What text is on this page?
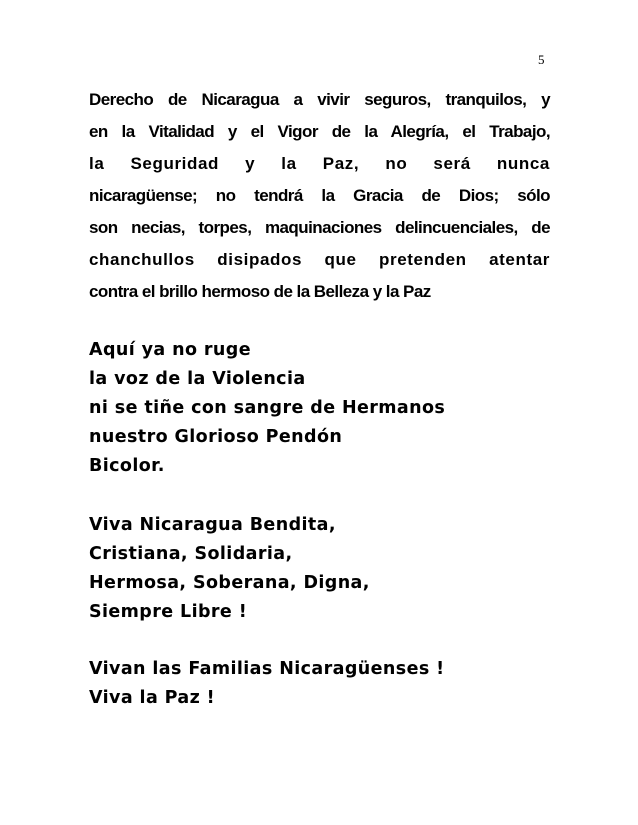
5
Derecho de Nicaragua a vivir seguros, tranquilos, y
en la Vitalidad y el Vigor de la Alegría, el Trabajo,
la Seguridad y la Paz, no será nunca
nicaragüense; no tendrá la Gracia de Dios; sólo
son necias, torpes, maquinaciones delincuenciales, de
chanchullos disipados que pretenden atentar
contra el brillo hermoso de la Belleza y la Paz
Aquí ya no ruge
la voz de la Violencia
ni se tiñe con sangre de Hermanos
nuestro Glorioso Pendón
Bicolor.
Viva Nicaragua Bendita,
Cristiana, Solidaria,
Hermosa, Soberana, Digna,
Siempre Libre !
Vivan las Familias Nicaragüenses !
Viva la Paz !
